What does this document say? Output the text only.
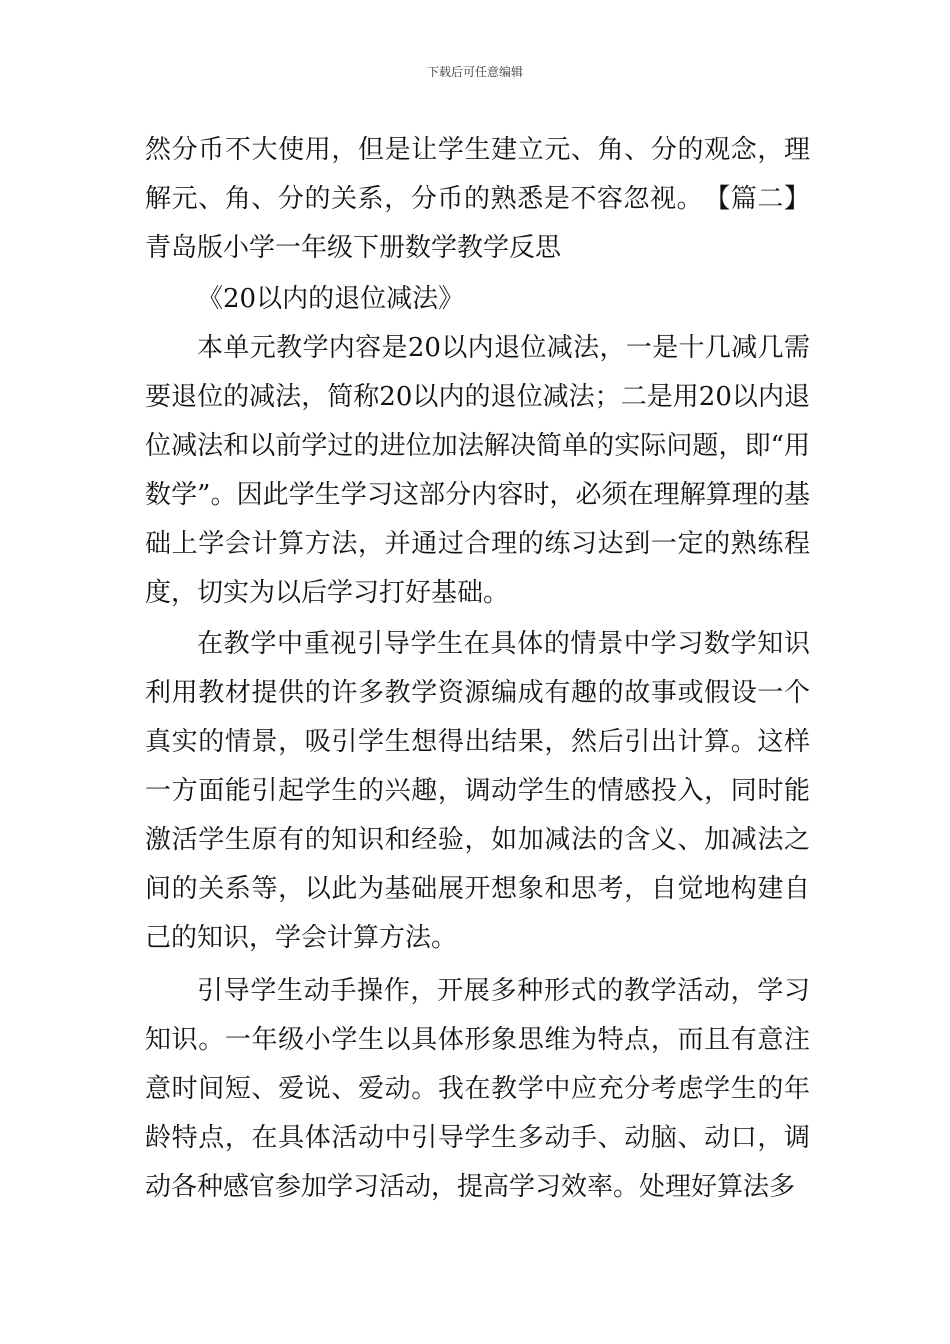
下载后可任意编辑

然分币不大使用，但是让学生建立元、角、分的观念，理解元、角、分的关系，分币的熟悉是不容忽视。 【篇二】青岛版小学一年级下册数学教学反思

《20以内的退位减法》

本单元教学内容是20以内退位减法，一是十几减几需要退位的减法，简称20以内的退位减法；二是用20以内退位减法和以前学过的进位加法解决简单的实际问题，即“用数学”。因此学生学习这部分内容时，必须在理解算理的基础上学会计算方法，并通过合理的练习达到一定的熟练程度，切实为以后学习打好基础。

在教学中重视引导学生在具体的情景中学习数学知识利用教材提供的许多教学资源编成有趣的故事或假设一个真实的情景，吸引学生想得出结果，然后引出计算。这样一方面能引起学生的兴趣，调动学生的情感投入，同时能激活学生原有的知识和经验，如加减法的含义、加减法之间的关系等，以此为基础展开想象和思考，自觉地构建自己的知识，学会计算方法。

引导学生动手操作，开展多种形式的教学活动，学习知识。一年级小学生以具体形象思维为特点，而且有意注意时间短、爱说、爱动。我在教学中应充分考虑学生的年龄特点，在具体活动中引导学生多动手、动脑、动口，调动各种感官参加学习活动，提高学习效率。处理好算法多
